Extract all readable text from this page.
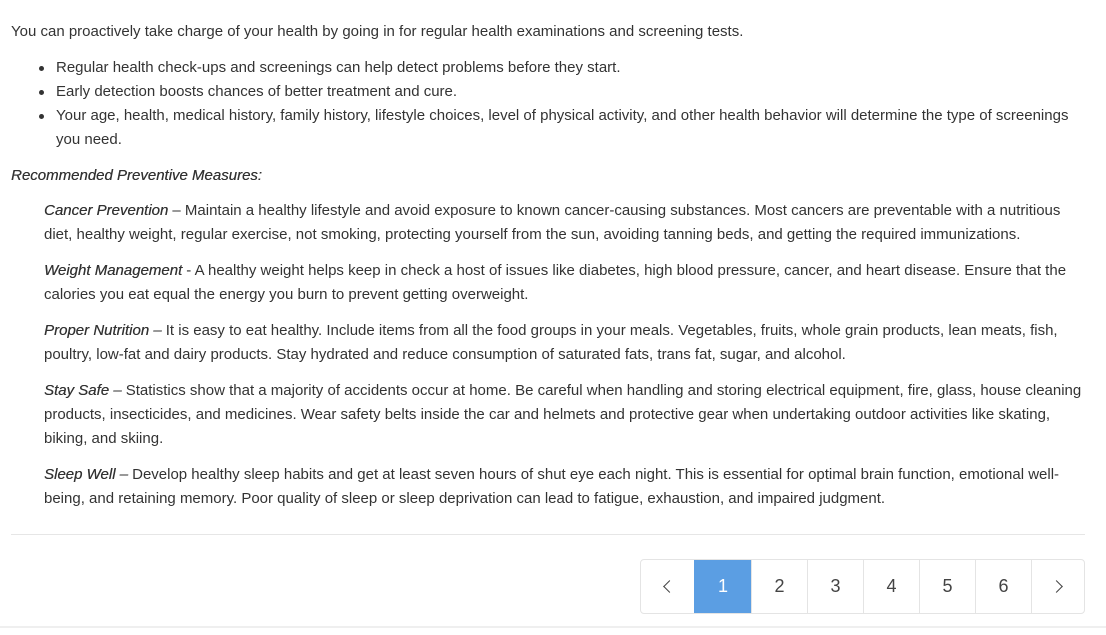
You can proactively take charge of your health by going in for regular health examinations and screening tests.

Regular health check-ups and screenings can help detect problems before they start.
Early detection boosts chances of better treatment and cure.
Your age, health, medical history, family history, lifestyle choices, level of physical activity, and other health behavior will determine the type of screenings you need.

Recommended Preventive Measures:

Cancer Prevention – Maintain a healthy lifestyle and avoid exposure to known cancer-causing substances. Most cancers are preventable with a nutritious diet, healthy weight, regular exercise, not smoking, protecting yourself from the sun, avoiding tanning beds, and getting the required immunizations.

Weight Management - A healthy weight helps keep in check a host of issues like diabetes, high blood pressure, cancer, and heart disease. Ensure that the calories you eat equal the energy you burn to prevent getting overweight.

Proper Nutrition – It is easy to eat healthy. Include items from all the food groups in your meals. Vegetables, fruits, whole grain products, lean meats, fish, poultry, low-fat and dairy products. Stay hydrated and reduce consumption of saturated fats, trans fat, sugar, and alcohol.

Stay Safe – Statistics show that a majority of accidents occur at home. Be careful when handling and storing electrical equipment, fire, glass, house cleaning products, insecticides, and medicines. Wear safety belts inside the car and helmets and protective gear when undertaking outdoor activities like skating, biking, and skiing.

Sleep Well – Develop healthy sleep habits and get at least seven hours of shut eye each night. This is essential for optimal brain function, emotional well-being, and retaining memory. Poor quality of sleep or sleep deprivation can lead to fatigue, exhaustion, and impaired judgment.

1	2	3	4	5	6
